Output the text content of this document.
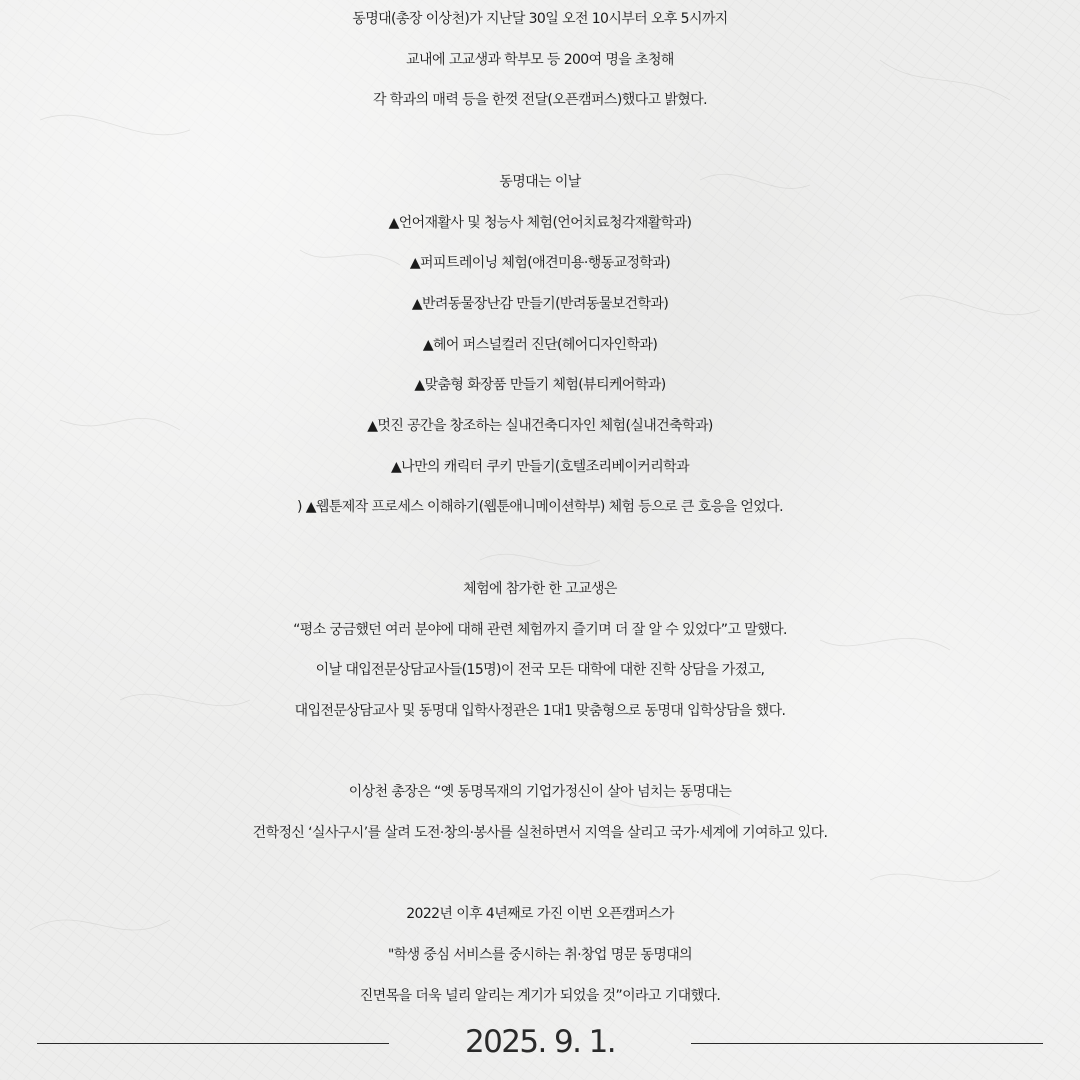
동명대(총장 이상천)가 지난달 30일 오전 10시부터 오후 5시까지
교내에 고교생과 학부모 등 200여 명을 초청해
각 학과의 매력 등을 한껏 전달(오픈캠퍼스)했다고 밝혔다.
동명대는 이날
▲언어재활사 및 청능사 체험(언어치료청각재활학과)
▲퍼피트레이닝 체험(애견미용·행동교정학과)
▲반려동물장난감 만들기(반려동물보건학과)
▲헤어 퍼스널컬러 진단(헤어디자인학과)
▲맞춤형 화장품 만들기 체험(뷰티케어학과)
▲멋진 공간을 창조하는 실내건축디자인 체험(실내건축학과)
▲나만의 캐릭터 쿠키 만들기(호텔조리베이커리학과
) ▲웹툰제작 프로세스 이해하기(웹툰애니메이션학부) 체험 등으로 큰 호응을 얻었다.
체험에 참가한 한 고교생은
“평소 궁금했던 여러 분야에 대해 관련 체험까지 즐기며 더 잘 알 수 있었다”고 말했다.
이날 대입전문상담교사들(15명)이 전국 모든 대학에 대한 진학 상담을 가졌고,
대입전문상담교사 및 동명대 입학사정관은 1대1 맞춤형으로 동명대 입학상담을 했다.
이상천 총장은 “옛 동명목재의 기업가정신이 살아 넘치는 동명대는
건학정신 ‘실사구시’를 살려 도전·창의·봉사를 실천하면서 지역을 살리고 국가·세계에 기여하고 있다.
2022년 이후 4년째로 가진 이번 오픈캠퍼스가
"학생 중심 서비스를 중시하는 취·창업 명문 동명대의
진면목을 더욱 널리 알리는 계기가 되었을 것”이라고 기대했다.
2025. 9. 1.
